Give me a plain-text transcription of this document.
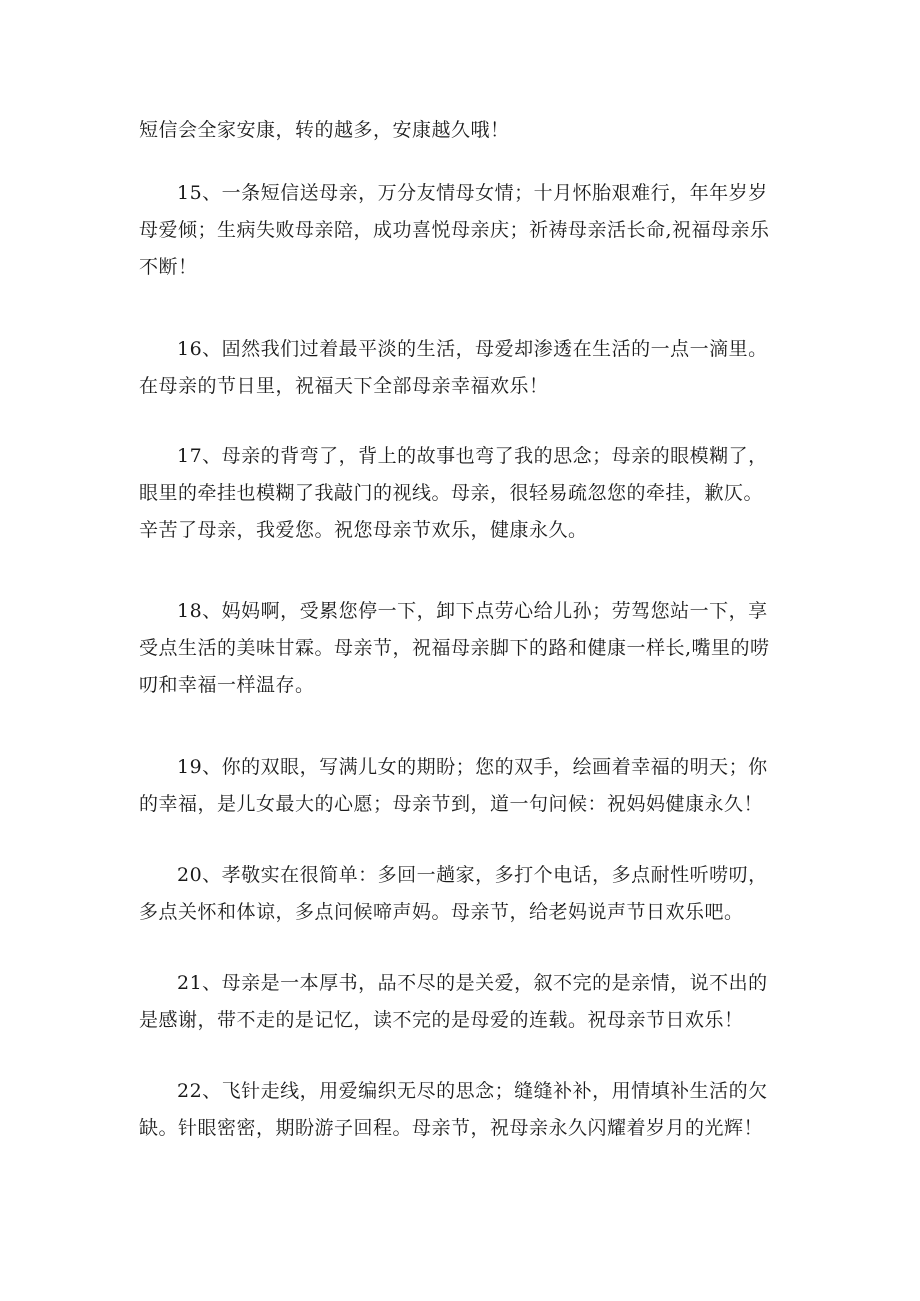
短信会全家安康，转的越多，安康越久哦！
15、一条短信送母亲，万分友情母女情；十月怀胎艰难行，年年岁岁
母爱倾；生病失败母亲陪，成功喜悦母亲庆；祈祷母亲活长命,祝福母亲乐
不断！
16、固然我们过着最平淡的生活，母爱却渗透在生活的一点一滴里。
在母亲的节日里，祝福天下全部母亲幸福欢乐！
17、母亲的背弯了，背上的故事也弯了我的思念；母亲的眼模糊了，
眼里的牵挂也模糊了我敲门的视线。母亲，很轻易疏忽您的牵挂，歉仄。
辛苦了母亲，我爱您。祝您母亲节欢乐，健康永久。
18、妈妈啊，受累您停一下，卸下点劳心给儿孙；劳驾您站一下，享
受点生活的美味甘霖。母亲节，祝福母亲脚下的路和健康一样长,嘴里的唠
叨和幸福一样温存。
19、你的双眼，写满儿女的期盼；您的双手，绘画着幸福的明天；你
的幸福，是儿女最大的心愿；母亲节到，道一句问候：祝妈妈健康永久！
20、孝敬实在很简单：多回一趟家，多打个电话，多点耐性听唠叨，
多点关怀和体谅，多点问候啼声妈。母亲节，给老妈说声节日欢乐吧。
21、母亲是一本厚书，品不尽的是关爱，叙不完的是亲情，说不出的
是感谢，带不走的是记忆，读不完的是母爱的连载。祝母亲节日欢乐！
22、飞针走线，用爱编织无尽的思念；缝缝补补，用情填补生活的欠
缺。针眼密密，期盼游子回程。母亲节，祝母亲永久闪耀着岁月的光辉！
